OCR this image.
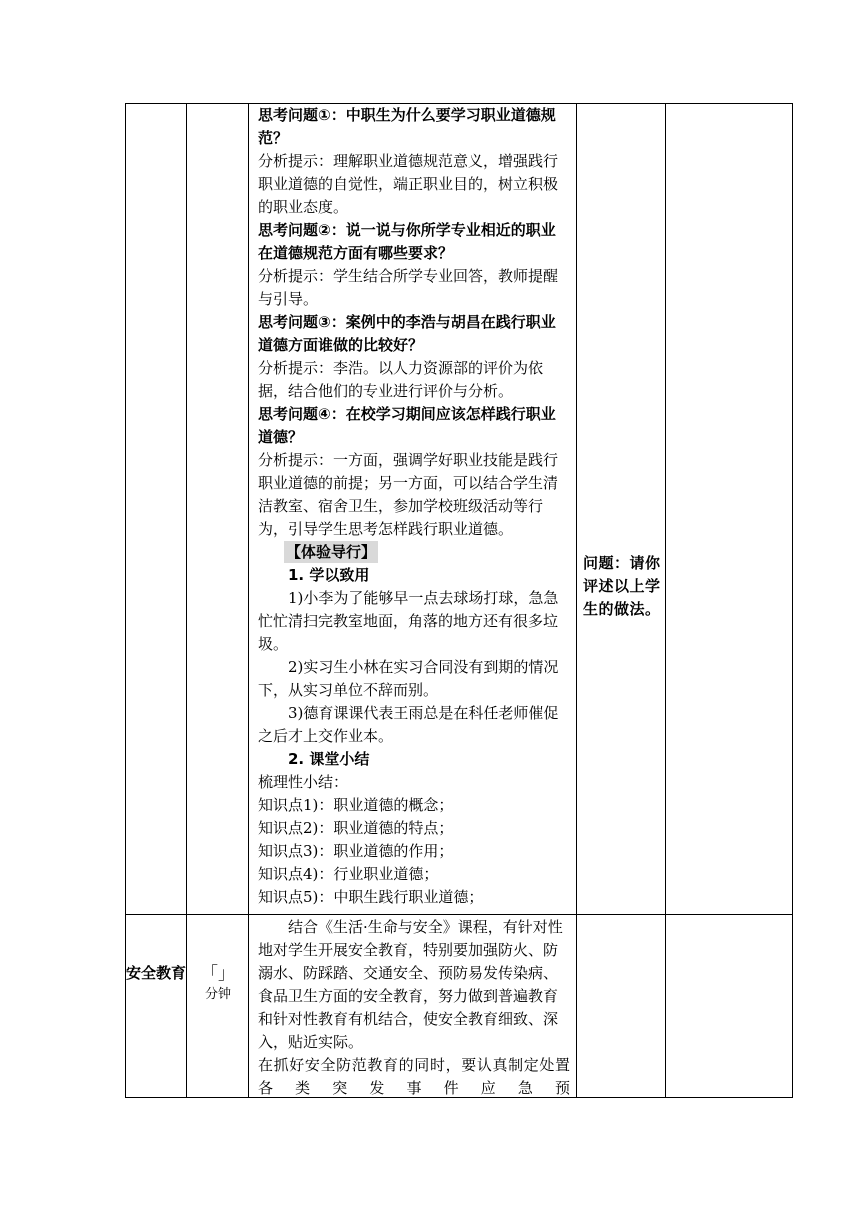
思考问题①：中职生为什么要学习职业道德规范？

分析提示：理解职业道德规范意义，增强践行职业道德的自觉性，端正职业目的，树立积极的职业态度。

思考问题②：说一说与你所学专业相近的职业在道德规范方面有哪些要求？

分析提示：学生结合所学专业回答，教师提醒与引导。

思考问题③：案例中的李浩与胡昌在践行职业道德方面谁做的比较好？

分析提示：李浩。以人力资源部的评价为依据，结合他们的专业进行评价与分析。

思考问题④：在校学习期间应该怎样践行职业道德？

分析提示：一方面，强调学好职业技能是践行职业道德的前提；另一方面，可以结合学生清洁教室、宿舍卫生，参加学校班级活动等行为，引导学生思考怎样践行职业道德。

【体验导行】

1. 学以致用

1)小李为了能够早一点去球场打球，急急忙忙清扫完教室地面，角落的地方还有很多垃圾。

2)实习生小林在实习合同没有到期的情况下，从实习单位不辞而别。

3)德育课课代表王雨总是在科任老师催促之后才上交作业本。

2. 课堂小结

梳理性小结：

知识点1)：职业道德的概念；

知识点2)：职业道德的特点；

知识点3)：职业道德的作用；

知识点4)：行业职业道德；

知识点5)：中职生践行职业道德；

问题：请你评述以上学生的做法。
安全教育 「」
分钟

结合《生活·生命与安全》课程，有针对性地对学生开展安全教育，特别要加强防火、防溺水、防踩踏、交通安全、预防易发传染病、食品卫生方面的安全教育，努力做到普遍教育和针对性教育有机结合，使安全教育细致、深入，贴近实际。

在抓好安全防范教育的同时，要认真制定处置各类突发事件应急预
